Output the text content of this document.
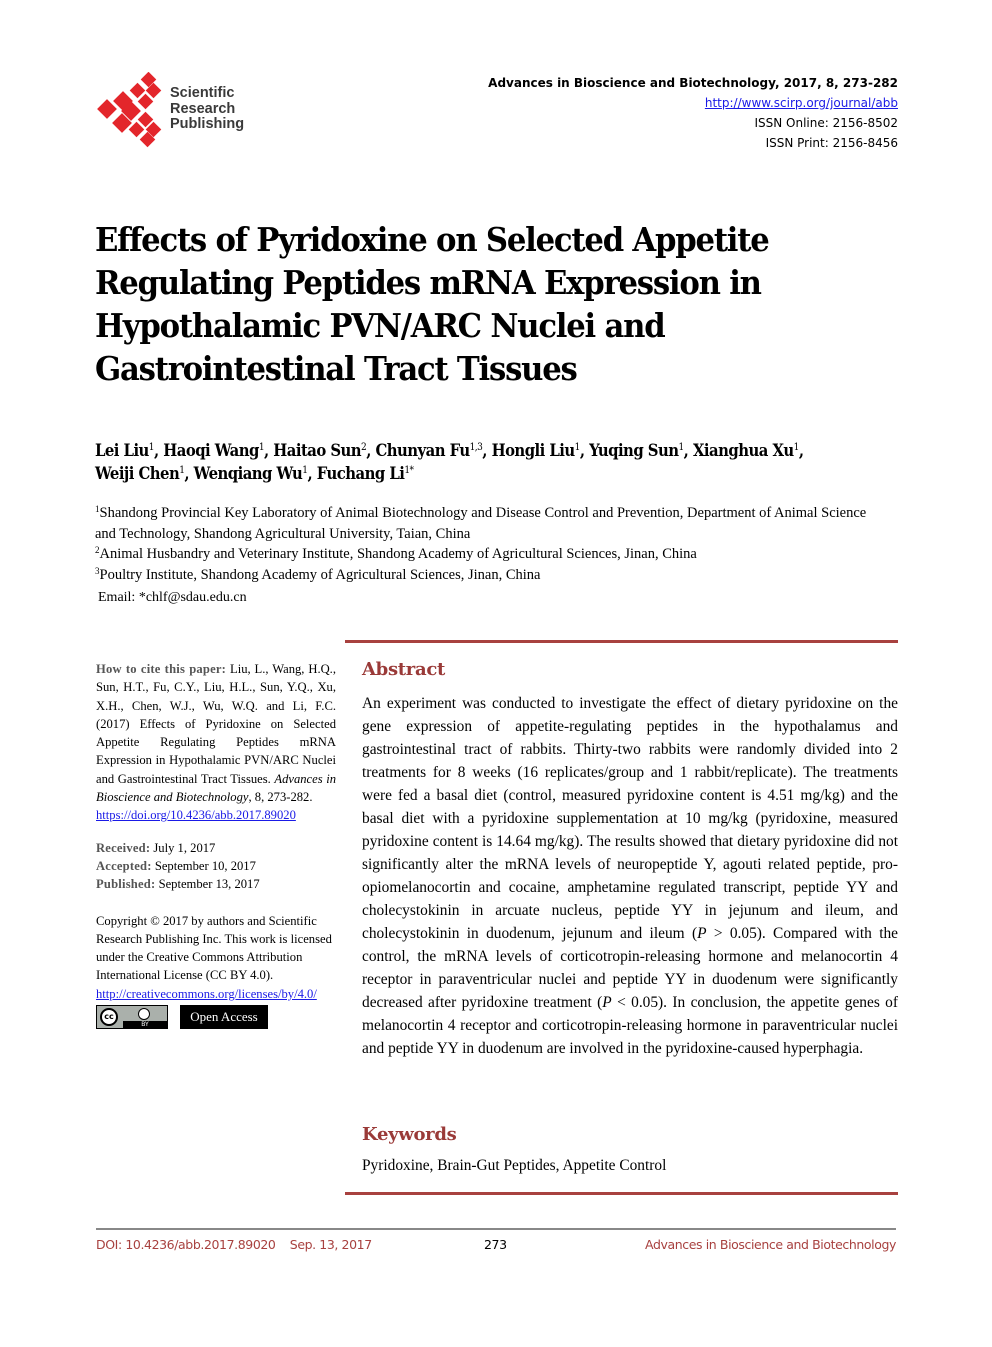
Scientific
Research
Publishing
Advances in Bioscience and Biotechnology, 2017, 8, 273-282
http://www.scirp.org/journal/abb
ISSN Online: 2156-8502
ISSN Print: 2156-8456
Effects of Pyridoxine on Selected Appetite Regulating Peptides mRNA Expression in Hypothalamic PVN/ARC Nuclei and Gastrointestinal Tract Tissues
Lei Liu$^1$, Haoqi Wang$^1$, Haitao Sun$^2$, Chunyan Fu$^{1,3}$, Hongli Liu$^1$, Yuqing Sun$^1$, Xianghua Xu$^1$,
Weiji Chen$^1$, Wenqiang Wu$^1$, Fuchang $Li^{1*}$
$^1$Shandong Provincial Key Laboratory of Animal Biotechnology and Disease Control and Prevention, Department of Animal Science and Technology, Shandong Agricultural University, Taian, China
$^2$Animal Husbandry and Veterinary Institute, Shandong Academy of Agricultural Sciences, Jinan, China
$^3$Poultry Institute, Shandong Academy of Agricultural Sciences, Jinan, China
Email: *chlf@sdau.edu.cn
How to cite this paper: Liu, L., Wang, H.Q., Sun, H.T., Fu, C.Y., Liu, H.L., Sun, Y.Q., Xu, X.H., Chen, W.J., Wu, W.Q. and Li, F.C. (2017) Effects of Pyridoxine on Selected Appetite Regulating Peptides mRNA Expression in Hypothalamic PVN/ARC Nuclei and Gastrointestinal Tract Tissues. Advances in Bioscience and Biotechnology, 8, 273-282.
https://doi.org/10.4236/abb.2017.89020
Received: July 1, 2017
Accepted: September 10, 2017
Published: September 13, 2017
Copyright © 2017 by authors and Scientific Research Publishing Inc. This work is licensed under the Creative Commons Attribution International License (CC BY 4.0).
http://creativecommons.org/licenses/by/4.0/
cc
BY
Open Access
Abstract
An experiment was conducted to investigate the effect of dietary pyridoxine on the gene expression of appetite-regulating peptides in the hypothalamus and gastrointestinal tract of rabbits. Thirty-two rabbits were randomly divided into 2 treatments for 8 weeks (16 replicates/group and 1 rabbit/replicate). The treatments were fed a basal diet (control, measured pyridoxine content is 4.51 mg/kg) and the basal diet with a pyridoxine supplementation at 10 mg/kg (pyridoxine, measured pyridoxine content is 14.64 mg/kg). The results showed that dietary pyridoxine did not significantly alter the mRNA levels of neuropeptide Y, agouti related peptide, pro-opiomelanocortin and cocaine, amphetamine regulated transcript, peptide YY and cholecystokinin in arcuate nucleus, peptide YY in jejunum and ileum, and cholecystokinin in duodenum, jejunum and ileum (P > 0.05). Compared with the control, the mRNA levels of corticotropin-releasing hormone and melanocortin 4 receptor in paraventricular nuclei and peptide YY in duodenum were significantly decreased after pyridoxine treatment (P < 0.05). In conclusion, the appetite genes of melanocortin 4 receptor and corticotropin-releasing hormone in paraventricular nuclei and peptide YY in duodenum are involved in the pyridoxine-caused hyperphagia.
Keywords
Pyridoxine, Brain-Gut Peptides, Appetite Control
DOI: 10.4236/abb.2017.89020    Sep. 13, 2017	273	Advances in Bioscience and Biotechnology
